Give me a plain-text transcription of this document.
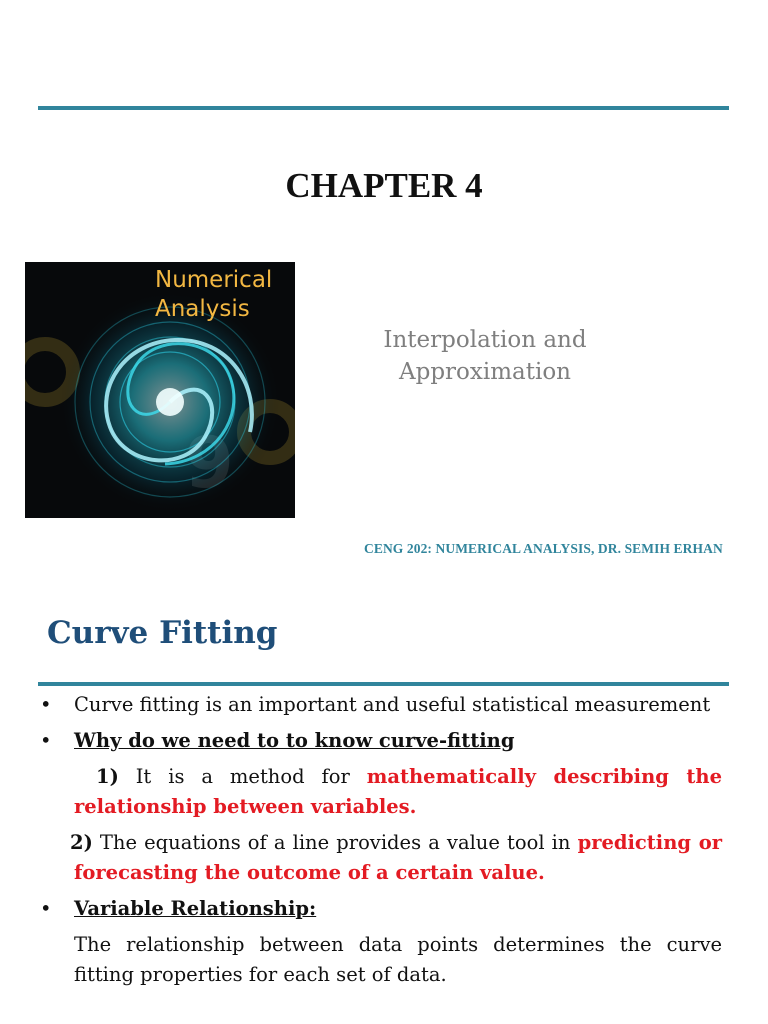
CHAPTER 4
Numerical
Analysis
Interpolation and
Approximation
CENG 202: NUMERICAL ANALYSIS, DR. SEMIH ERHAN
Curve Fitting
• Curve fitting is an important and useful statistical measurement
• Why do we need to to know curve-fitting
1) It is a method for mathematically describing the relationship between variables.
2) The equations of a line provides a value tool in predicting or forecasting the outcome of a certain value.
• Variable Relationship:
The relationship between data points determines the curve fitting properties for each set of data.
